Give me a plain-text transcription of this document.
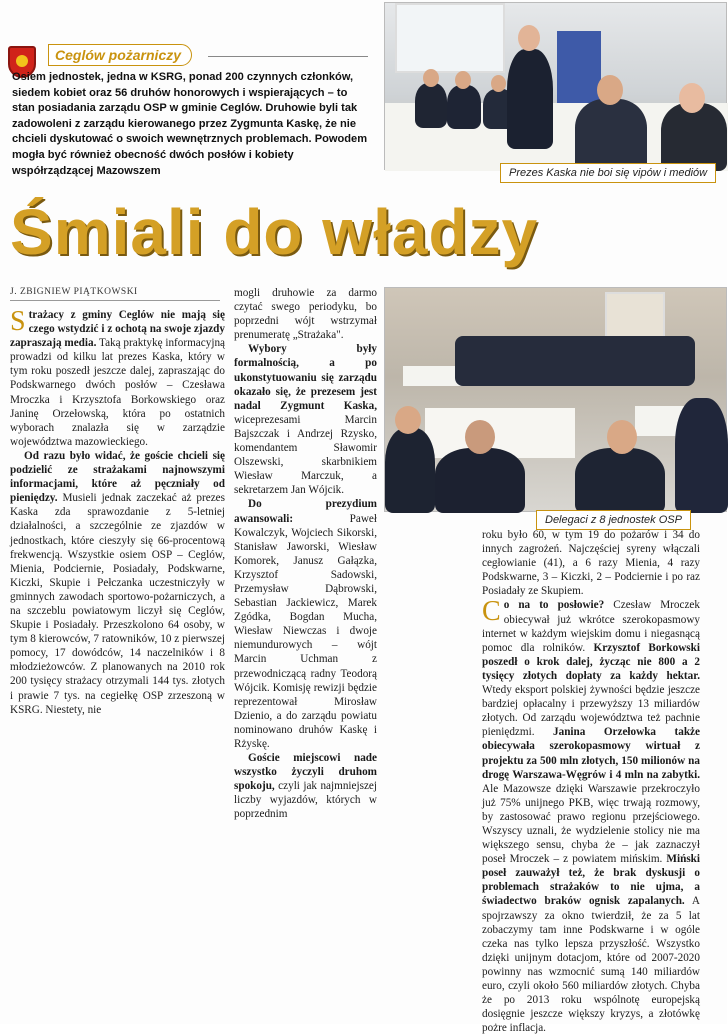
Ceglów pożarniczy
Osiem jednostek, jedna w KSRG, ponad 200 czynnych członków, siedem kobiet oraz 56 druhów honorowych i wspierających – to stan posiadania zarządu OSP w gminie Ceglów. Druhowie byli tak zadowoleni z zarządu kierowanego przez Zygmunta Kaskę, że nie chcieli dyskutować o swoich wewnętrznych problemach. Powodem mogła być również obecność dwóch posłów i kobiety współrządzącej Mazowszem	Prezes Kaska nie boi się vipów i mediów
Śmiali do władzy
J. ZBIGNIEW PIĄTKOWSKI

Strażacy z gminy Ceglów nie mają się czego wstydzić i z ochotą na swoje zjazdy zapraszają media. Taką praktykę informacyjną prowadzi od kilku lat prezes Kaska, który w tym roku poszedł jeszcze dalej, zapraszając do Podskwarnego dwóch posłów – Czesława Mroczka i Krzysztofa Borkowskiego oraz Janinę Orzełowską, która po ostatnich wyborach znalazła się w zarządzie województwa mazowieckiego.

Od razu było widać, że goście chcieli się podzielić ze strażakami najnowszymi informacjami, które aż pęczniały od pieniędzy. Musieli jednak zaczekać aż prezes Kaska zda sprawozdanie z 5-letniej działalności, a szczególnie ze zjazdów w jednostkach, które cieszyły się 66-procentową frekwencją. Wszystkie osiem OSP – Ceglów, Mienia, Podciernie, Posiadały, Podskwarne, Kiczki, Skupie i Pełczanka uczestniczyły w gminnych zawodach sportowo-pożarniczych, a na szczeblu powiatowym liczył się Ceglów, Skupie i Posiadały. Przeszkolono 64 osoby, w tym 8 kierowców, 7 ratowników, 10 z pierwszej pomocy, 17 dowódców, 14 naczelników i 8 młodzieżowców. Z planowanych na 2010 rok 200 tysięcy strażacy otrzymali 144 tys. złotych i prawie 7 tys. na cegiełkę OSP zrzeszoną w KSRG. Niestety, nie

mogli druhowie za darmo czytać swego periodyku, bo poprzedni wójt wstrzymał prenumeratę „Strażaka".

Wybory były formalnością, a po ukonstytuowaniu się zarządu okazało się, że prezesem jest nadal Zygmunt Kaska, wiceprezesami Marcin Bajszczak i Andrzej Rzysko, komendantem Sławomir Olszewski, skarbnikiem Wiesław Marczuk, a sekretarzem Jan Wójcik.

Do prezydium awansowali: Paweł Kowalczyk, Wojciech Sikorski, Stanisław Jaworski, Wiesław Komorek, Janusz Gałązka, Krzysztof Sadowski, Przemysław Dąbrowski, Sebastian Jackiewicz, Marek Zgódka, Bogdan Mucha, Wiesław Niewczas i dwoje niemundurowych – wójt Marcin Uchman z przewodniczącą radny Teodorą Wójcik. Komisję rewizji będzie reprezentował Mirosław Dzienio, a do zarządu powiatu nominowano druhów Kaskę i Rżyskę.

Goście miejscowi nade wszystko życzyli druhom spokoju, czyli jak najmniejszej liczby wyjazdów, których w poprzednim

Delegaci z 8 jednostek OSP

roku było 60, w tym 19 do pożarów i 34 do innych zagrożeń. Najczęściej syreny włączali cegłowianie (41), a 6 razy Mienia, 4 razy Podskwarne, 3 – Kiczki, 2 – Podciernie i po raz Posiadały ze Skupiem.

Co na to posłowie? Czesław Mroczek obiecywał już wkrótce szerokopasmowy internet w każdym wiejskim domu i niegasnącą pomoc dla rolników. Krzysztof Borkowski poszedł o krok dalej, życząc nie 800 a 2 tysięcy złotych dopłaty za każdy hektar. Wtedy eksport polskiej żywności będzie jeszcze bardziej opłacalny i przewyższy 13 miliardów złotych. Od zarządu województwa też pachnie pieniędzmi. Janina Orzełowka także obiecywała szerokopasmowy wirtuał z projektu za 500 mln złotych, 150 milionów na drogę Warszawa-Węgrów i 4 mln na zabytki. Ale Mazowsze dzięki Warszawie przekroczyło już 75% unijnego PKB, więc trwają rozmowy, by zastosować prawo regionu przejściowego. Wszyscy uznali, że wydzielenie stolicy nie ma większego sensu, chyba że – jak zaznaczył poseł Mroczek – z powiatem mińskim. Miński poseł zauważył też, że brak dyskusji o problemach strażaków to nie ujma, a świadectwo braków ognisk zapalanych. A spojrzawszy za okno twierdził, że za 5 lat zobaczymy tam inne Podskwarne i w ogóle czeka nas tylko lepsza przyszłość. Wszystko dzięki unijnym dotacjom, które od 2007-2020 powinny nas wzmocnić sumą 140 miliardów euro, czyli około 560 miliardów złotych. Chyba że po 2013 roku wspólnotę europejską dosięgnie jeszcze większy kryzys, a złotówkę pożre inflacja.
